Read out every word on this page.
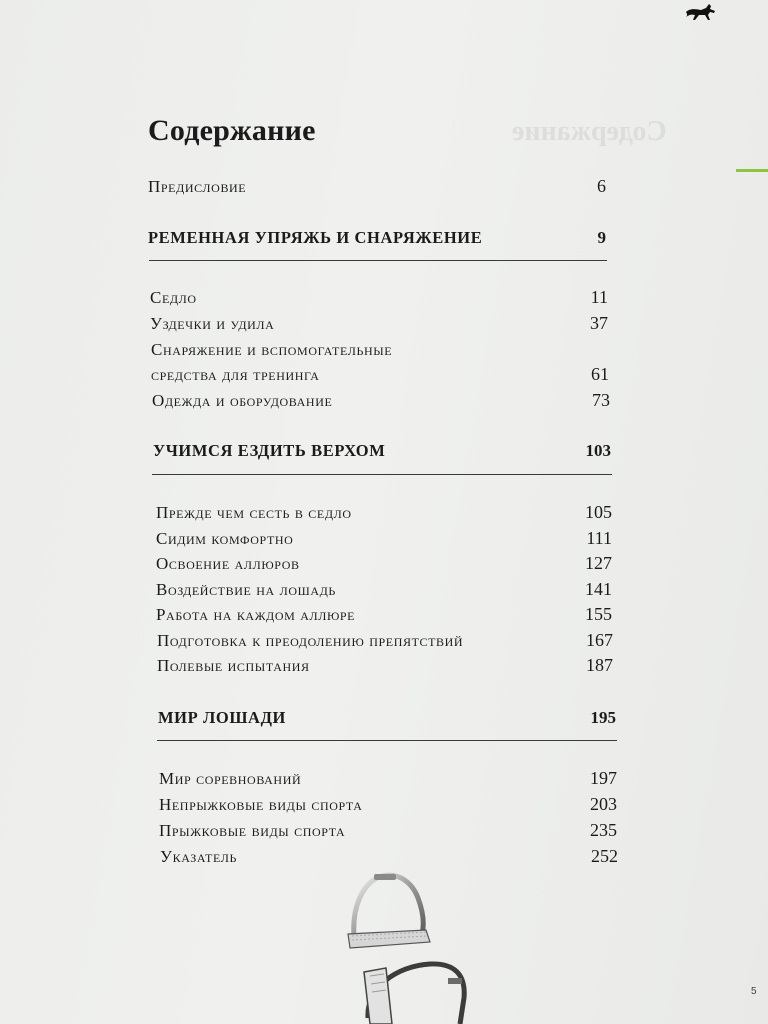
Содержание
Содержание
Предисловие	6
РЕМЕННАЯ УПРЯЖЬ И СНАРЯЖЕНИЕ	9
Седло	11
Уздечки и удила	37
Снаряжение и вспомогательные
средства для тренинга	61
Одежда и оборудование	73
УЧИМСЯ ЕЗДИТЬ ВЕРХОМ	103
Прежде чем сесть в седло	105
Сидим комфортно	111
Освоение аллюров	127
Воздействие на лошадь	141
Работа на каждом аллюре	155
Подготовка к преодолению препятствий	167
Полевые испытания	187
МИР ЛОШАДИ	195
Мир соревнований	197
Непрыжковые виды спорта	203
Прыжковые виды спорта	235
Указатель	252
5
